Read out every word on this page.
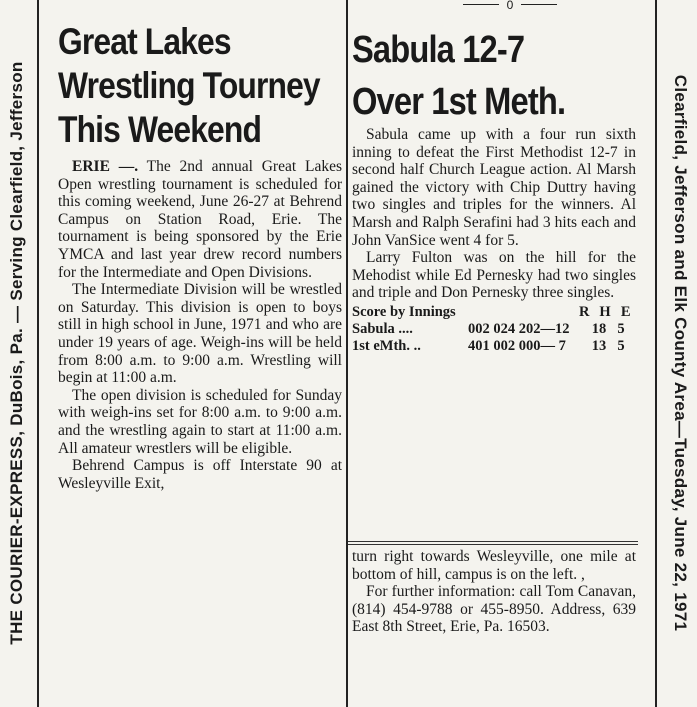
THE COURIER-EXPRESS, DuBois, Pa. — Serving Clearfield, Jefferson	Clearfield, Jefferson and Elk County Area—Tuesday, June 22, 1971
0
Great Lakes
Wrestling Tourney
This Weekend

ERIE —. The 2nd annual Great Lakes Open wrestling tournament is scheduled for this coming weekend, June 26-27 at Behrend Campus on Station Road, Erie. The tournament is being sponsored by the Erie YMCA and last year drew record numbers for the Intermediate and Open Divisions.

The Intermediate Division will be wrestled on Saturday. This division is open to boys still in high school in June, 1971 and who are under 19 years of age. Weigh-ins will be held from 8:00 a.m. to 9:00 a.m. Wrestling will begin at 11:00 a.m.

The open division is scheduled for Sunday with weigh-ins set for 8:00 a.m. to 9:00 a.m. and the wrestling again to start at 11:00 a.m. All amateur wrestlers will be eligible.

Behrend Campus is off Interstate 90 at Wesleyville Exit,

Sabula 12-7
Over 1st Meth.

Sabula came up with a four run sixth inning to defeat the First Methodist 12-7 in second half Church League action. Al Marsh gained the victory with Chip Duttry having two singles and triples for the winners. Al Marsh and Ralph Serafini had 3 hits each and John VanSice went 4 for 5.

Larry Fulton was on the hill for the Mehodist while Ed Pernesky had two singles and triple and Don Pernesky three singles.

Score by Innings	R H E
Sabula ....	002 024 202—12	18 5
1st eMth. ..	401 002 000— 7	13 5

turn right towards Wesleyville, one mile at bottom of hill, campus is on the left. ,

For further information: call Tom Canavan, (814) 454-9788 or 455-8950. Address, 639 East 8th Street, Erie, Pa. 16503.
